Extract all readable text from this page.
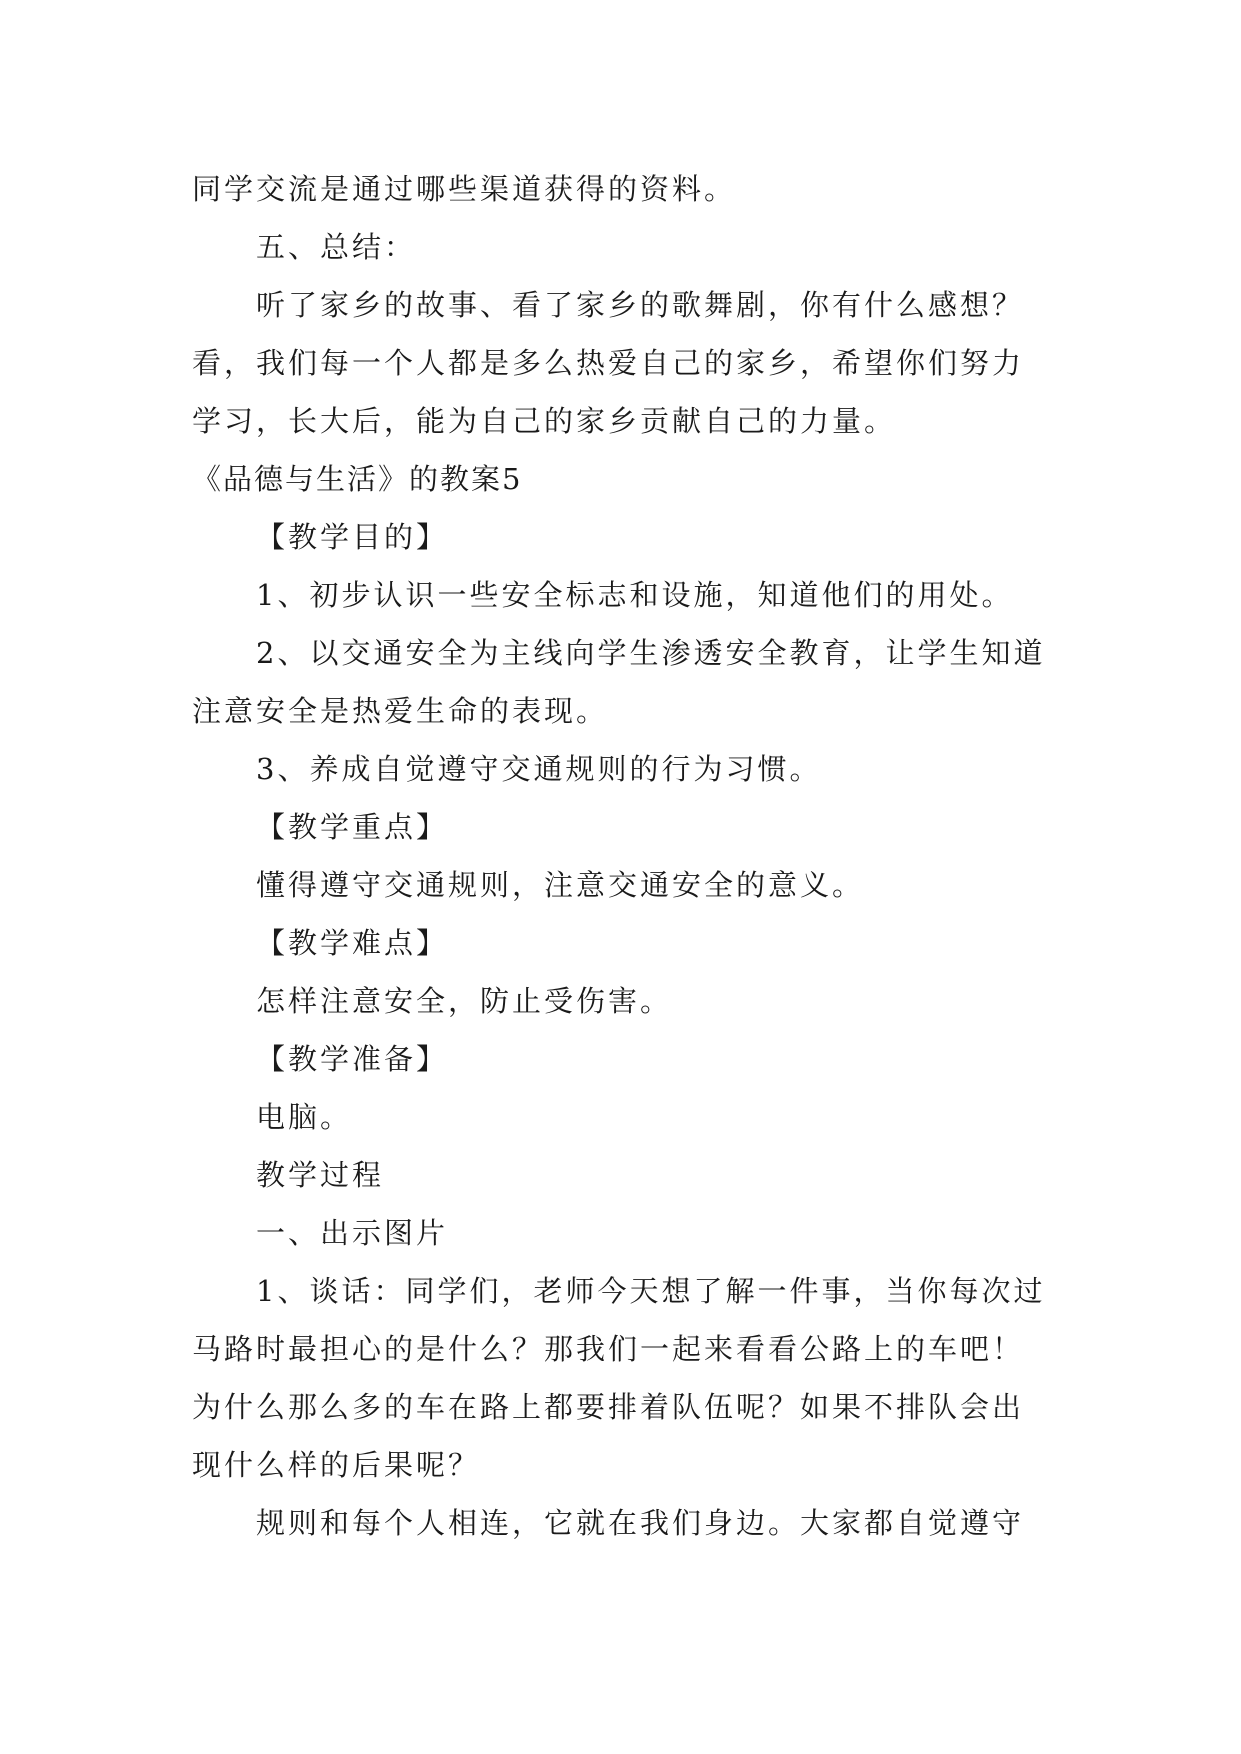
同学交流是通过哪些渠道获得的资料。

五、总结：

听了家乡的故事、看了家乡的歌舞剧，你有什么感想？看，我们每一个人都是多么热爱自己的家乡，希望你们努力学习，长大后，能为自己的家乡贡献自己的力量。

《品德与生活》的教案5

【教学目的】

1、初步认识一些安全标志和设施，知道他们的用处。

2、以交通安全为主线向学生渗透安全教育，让学生知道注意安全是热爱生命的表现。

3、养成自觉遵守交通规则的行为习惯。

【教学重点】

懂得遵守交通规则，注意交通安全的意义。

【教学难点】

怎样注意安全，防止受伤害。

【教学准备】

电脑。

教学过程

一、出示图片

1、谈话：同学们，老师今天想了解一件事，当你每次过马路时最担心的是什么？那我们一起来看看公路上的车吧！为什么那么多的车在路上都要排着队伍呢？如果不排队会出现什么样的后果呢？

规则和每个人相连，它就在我们身边。大家都自觉遵守
